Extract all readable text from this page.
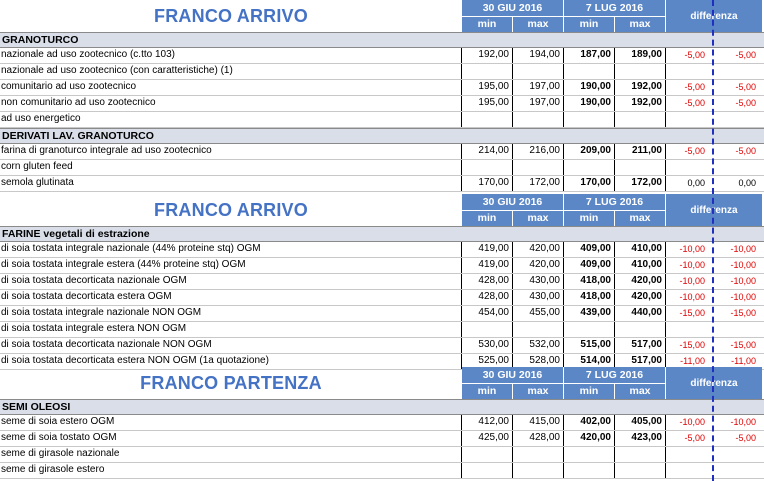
FRANCO ARRIVO	30 GIU 2016	7 LUG 2016
min	max	min	max
differenza
GRANOTURCO
nazionale ad uso zootecnico (c.tto 103)	192,00	194,00	187,00	189,00	-5,00	-5,00
nazionale ad uso zootecnico (con caratteristiche) (1)
comunitario ad uso zootecnico	195,00	197,00	190,00	192,00	-5,00	-5,00
non comunitario ad uso zootecnico	195,00	197,00	190,00	192,00	-5,00	-5,00
ad uso energetico
DERIVATI LAV. GRANOTURCO
farina di granoturco integrale ad uso zootecnico	214,00	216,00	209,00	211,00	-5,00	-5,00
corn gluten feed
semola glutinata	170,00	172,00	170,00	172,00	0,00	0,00
FRANCO ARRIVO	30 GIU 2016	7 LUG 2016
min	max	min	max
differenza
FARINE vegetali di estrazione
di soia tostata integrale nazionale (44% proteine stq) OGM	419,00	420,00	409,00	410,00	-10,00	-10,00
di soia tostata integrale estera (44% proteine stq) OGM	419,00	420,00	409,00	410,00	-10,00	-10,00
di soia tostata decorticata nazionale OGM	428,00	430,00	418,00	420,00	-10,00	-10,00
di soia tostata decorticata estera OGM	428,00	430,00	418,00	420,00	-10,00	-10,00
di soia tostata integrale nazionale NON OGM	454,00	455,00	439,00	440,00	-15,00	-15,00
di soia tostata integrale estera NON OGM
di soia tostata decorticata nazionale NON OGM	530,00	532,00	515,00	517,00	-15,00	-15,00
di soia tostata decorticata estera NON OGM (1a quotazione)	525,00	528,00	514,00	517,00	-11,00	-11,00
FRANCO PARTENZA	30 GIU 2016	7 LUG 2016
min	max	min	max
differenza
SEMI OLEOSI
seme di soia estero OGM	412,00	415,00	402,00	405,00	-10,00	-10,00
seme di soia tostato OGM	425,00	428,00	420,00	423,00	-5,00	-5,00
seme di girasole nazionale
seme di girasole estero
